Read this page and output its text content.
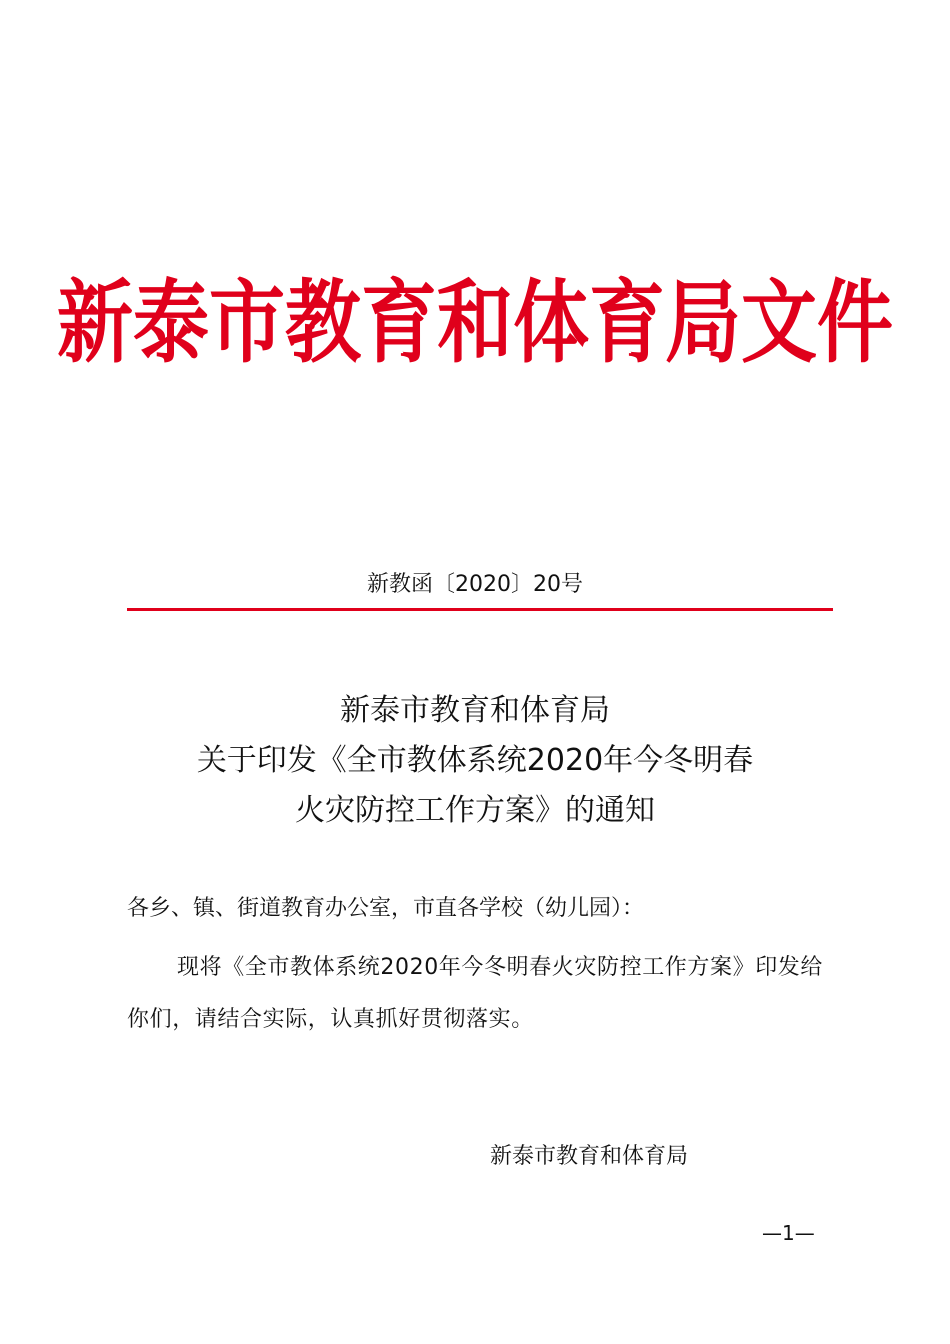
新泰市教育和体育局文件
新教函〔2020〕20号
新泰市教育和体育局
关于印发《全市教体系统2020年今冬明春
火灾防控工作方案》的通知
各乡、镇、街道教育办公室，市直各学校（幼儿园）：
现将《全市教体系统2020年今冬明春火灾防控工作方案》印发给你们，请结合实际，认真抓好贯彻落实。
新泰市教育和体育局
—1—
